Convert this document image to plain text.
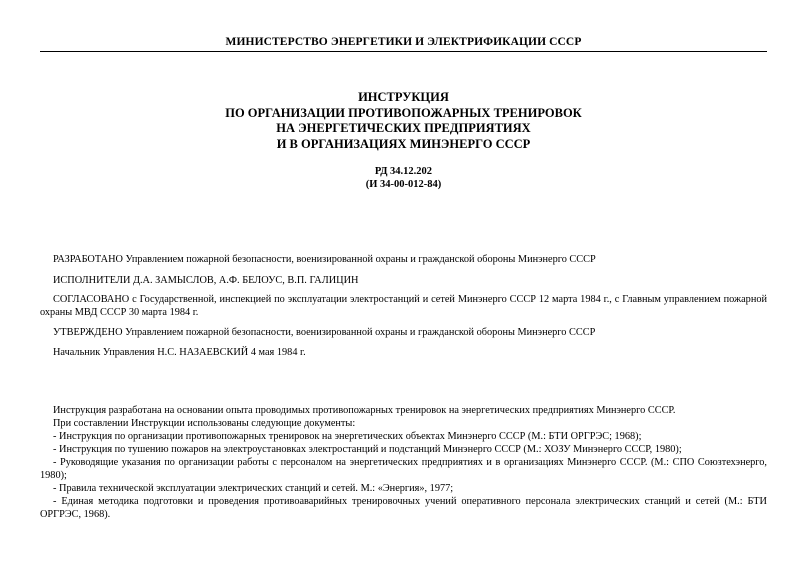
МИНИСТЕРСТВО ЭНЕРГЕТИКИ И ЭЛЕКТРИФИКАЦИИ СССР
ИНСТРУКЦИЯ
ПО ОРГАНИЗАЦИИ ПРОТИВОПОЖАРНЫХ ТРЕНИРОВОК
НА ЭНЕРГЕТИЧЕСКИХ ПРЕДПРИЯТИЯХ
И В ОРГАНИЗАЦИЯХ МИНЭНЕРГО СССР
РД 34.12.202
(И 34-00-012-84)
РАЗРАБОТАНО Управлением пожарной безопасности, военизированной охраны и гражданской обороны Минэнерго СССР
ИСПОЛНИТЕЛИ Д.А. ЗАМЫСЛОВ, А.Ф. БЕЛОУС, В.П. ГАЛИЦИН
СОГЛАСОВАНО с Государственной, инспекцией по эксплуатации электростанций и сетей Минэнерго СССР 12 марта 1984 г., с Главным управлением пожарной охраны МВД СССР 30 марта 1984 г.
УТВЕРЖДЕНО Управлением пожарной безопасности, военизированной охраны и гражданской обороны Минэнерго СССР
Начальник Управления Н.С. НАЗАЕВСКИЙ 4 мая 1984 г.
Инструкция разработана на основании опыта проводимых противопожарных тренировок на энергетических предприятиях Минэнерго СССР.
При составлении Инструкции использованы следующие документы:
- Инструкция по организации противопожарных тренировок на энергетических объектах Минэнерго СССР (М.: БТИ ОРГРЭС; 1968);
- Инструкция по тушению пожаров на электроустановках электростанций и подстанций Минэнерго СССР (М.: ХОЗУ Минэнерго СССР, 1980);
- Руководящие указания по организации работы с персоналом на энергетических предприятиях и в организациях Минэнерго СССР. (М.: СПО Союзтехэнерго, 1980);
- Правила технической эксплуатации электрических станций и сетей. М.: «Энергия», 1977;
- Единая методика подготовки и проведения противоаварийных тренировочных учений оперативного персонала электрических станций и сетей (М.: БТИ ОРГРЭС, 1968).
